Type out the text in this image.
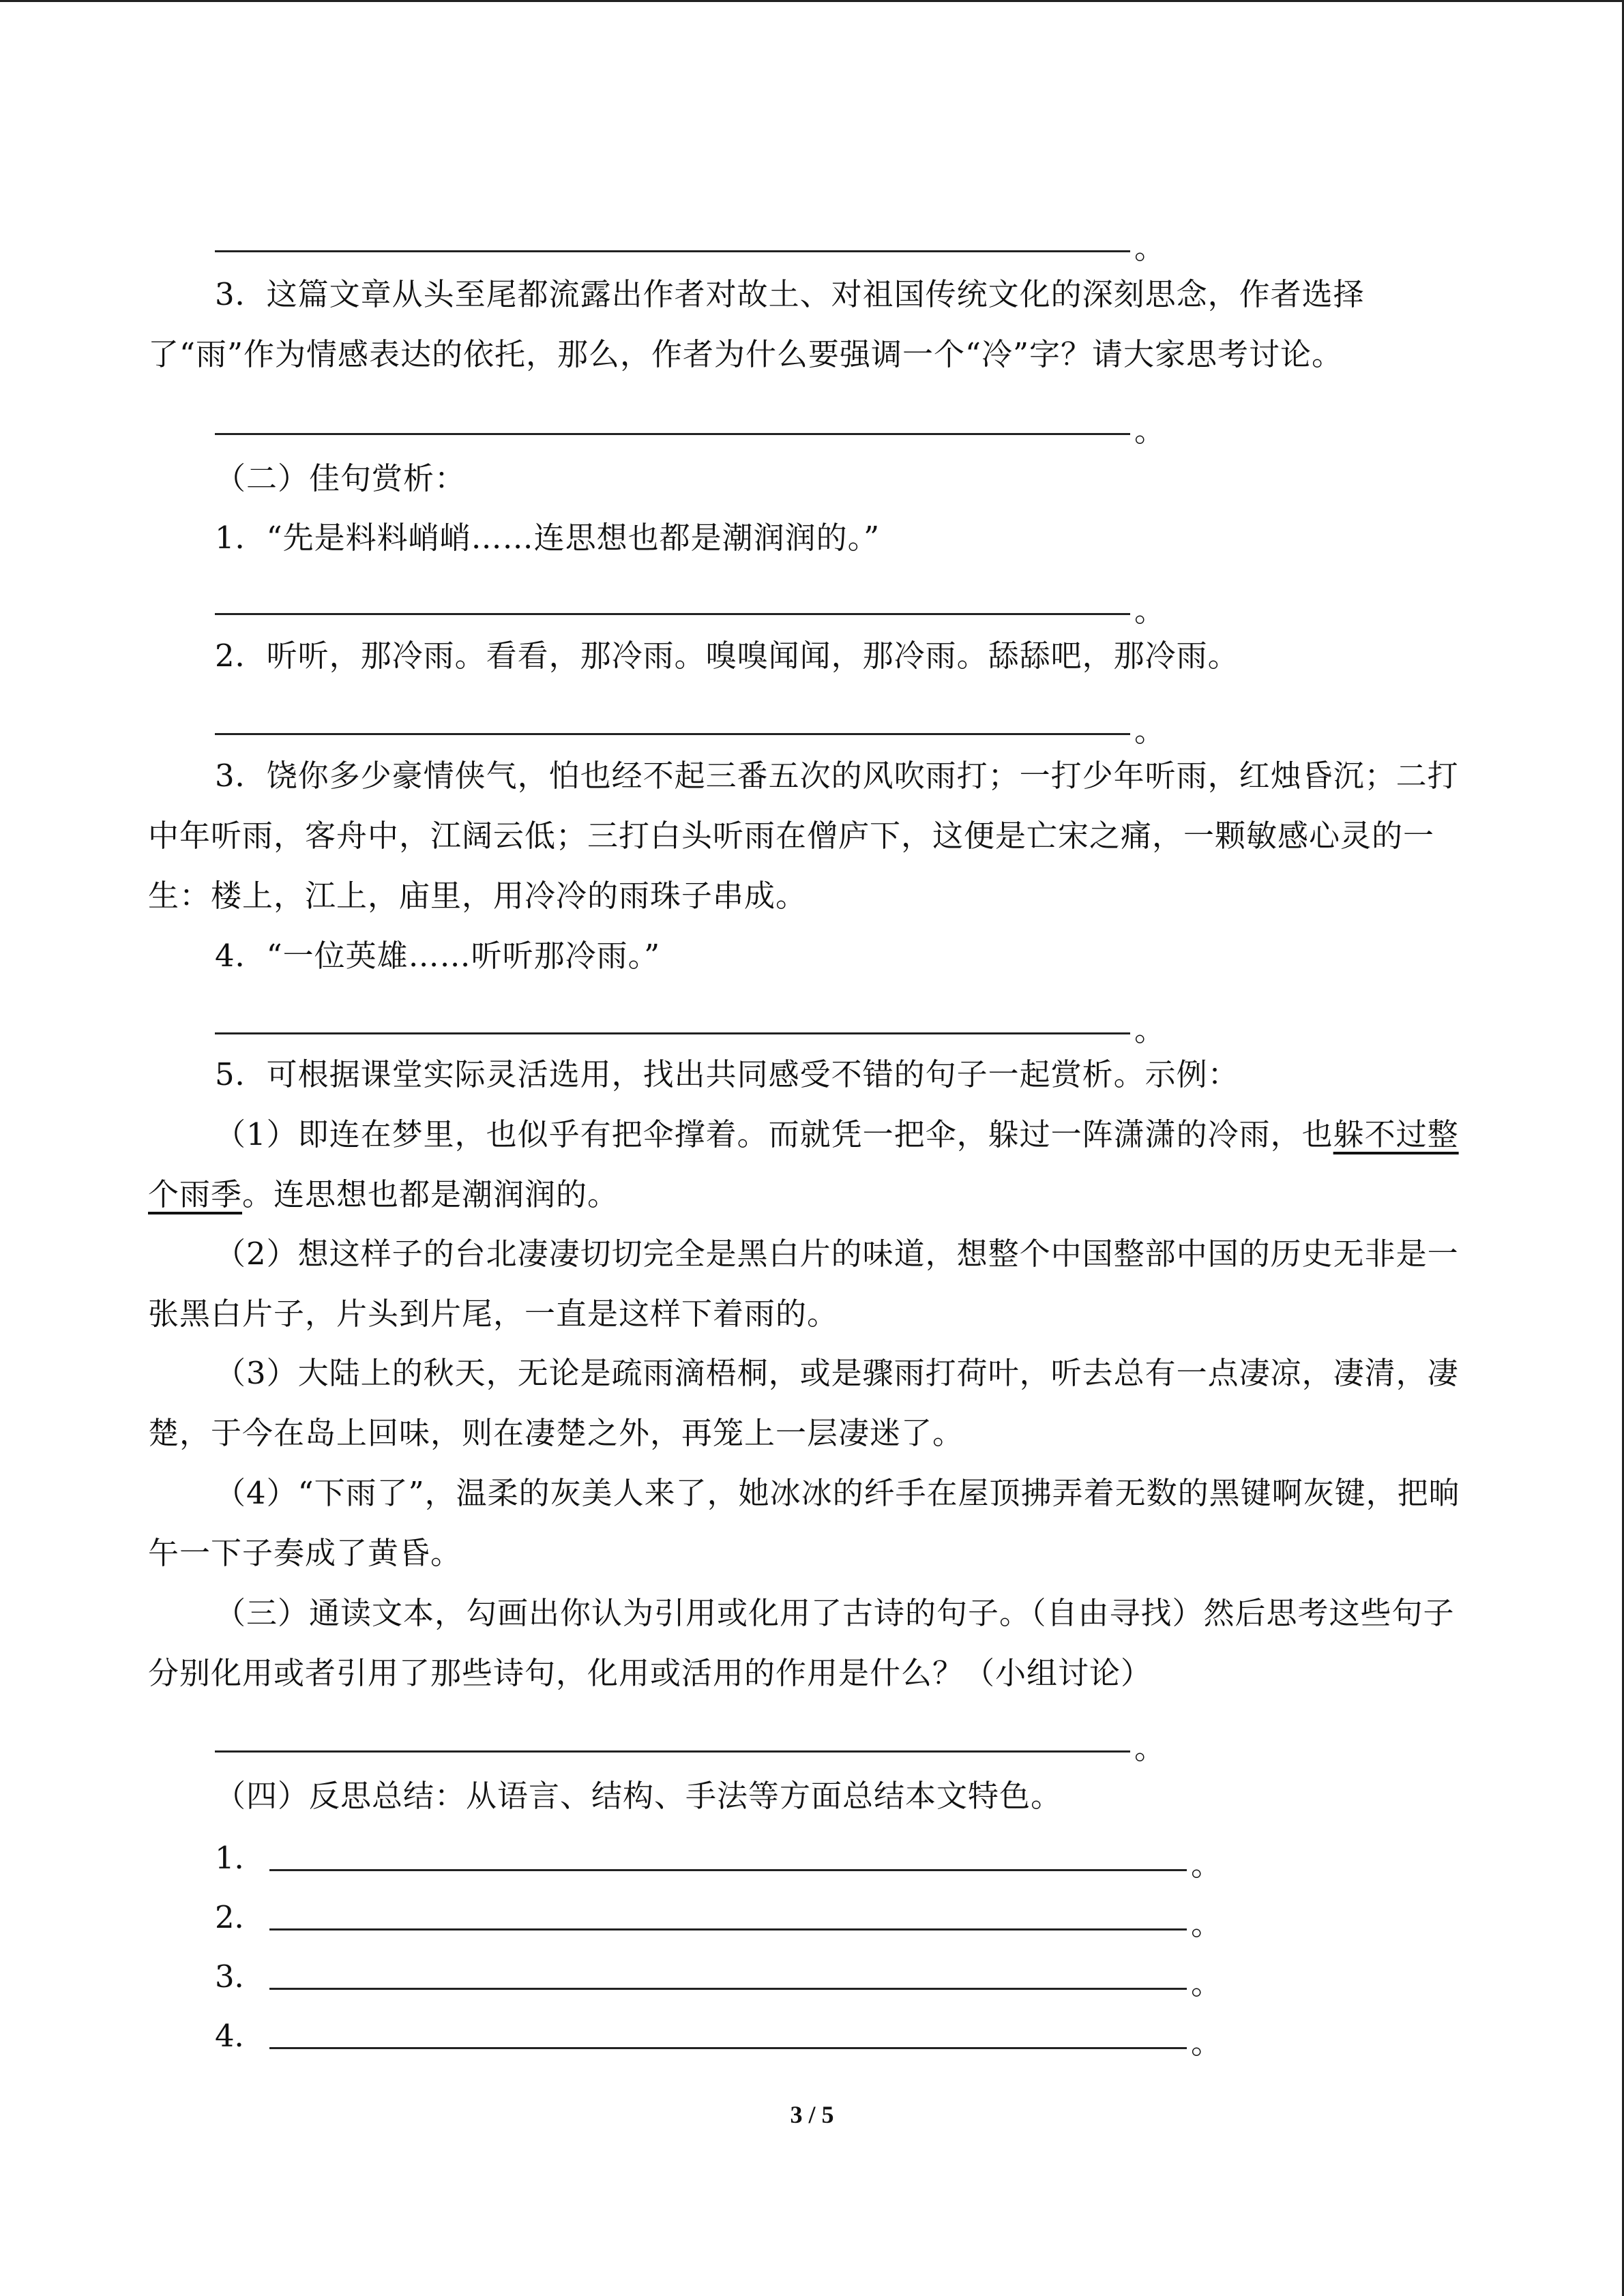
。

3．这篇文章从头至尾都流露出作者对故土、对祖国传统文化的深刻思念，作者选择了“雨”作为情感表达的依托，那么，作者为什么要强调一个“冷”字？请大家思考讨论。

。

（二）佳句赏析：

1．“先是料料峭峭……连思想也都是潮润润的。”

。

2．听听，那冷雨。看看，那冷雨。嗅嗅闻闻，那冷雨。舔舔吧，那冷雨。

。

3．饶你多少豪情侠气，怕也经不起三番五次的风吹雨打；一打少年听雨，红烛昏沉；二打中年听雨，客舟中，江阔云低；三打白头听雨在僧庐下，这便是亡宋之痛，一颗敏感心灵的一生：楼上，江上，庙里，用冷冷的雨珠子串成。

4．“一位英雄……听听那冷雨。”

。

5．可根据课堂实际灵活选用，找出共同感受不错的句子一起赏析。示例：

（1）即连在梦里，也似乎有把伞撑着。而就凭一把伞，躲过一阵潇潇的冷雨，也躲不过整个雨季。连思想也都是潮润润的。

（2）想这样子的台北凄凄切切完全是黑白片的味道，想整个中国整部中国的历史无非是一张黑白片子，片头到片尾，一直是这样下着雨的。

（3）大陆上的秋天，无论是疏雨滴梧桐，或是骤雨打荷叶，听去总有一点凄凉，凄清，凄楚，于今在岛上回味，则在凄楚之外，再笼上一层凄迷了。

（4）“下雨了”，温柔的灰美人来了，她冰冰的纤手在屋顶拂弄着无数的黑键啊灰键，把晌午一下子奏成了黄昏。

（三）通读文本，勾画出你认为引用或化用了古诗的句子。（自由寻找）然后思考这些句子分别化用或者引用了那些诗句，化用或活用的作用是什么？（小组讨论）

。

（四）反思总结：从语言、结构、手法等方面总结本文特色。

1．	。
2．	。
3．	。
4．	。
3 / 5
